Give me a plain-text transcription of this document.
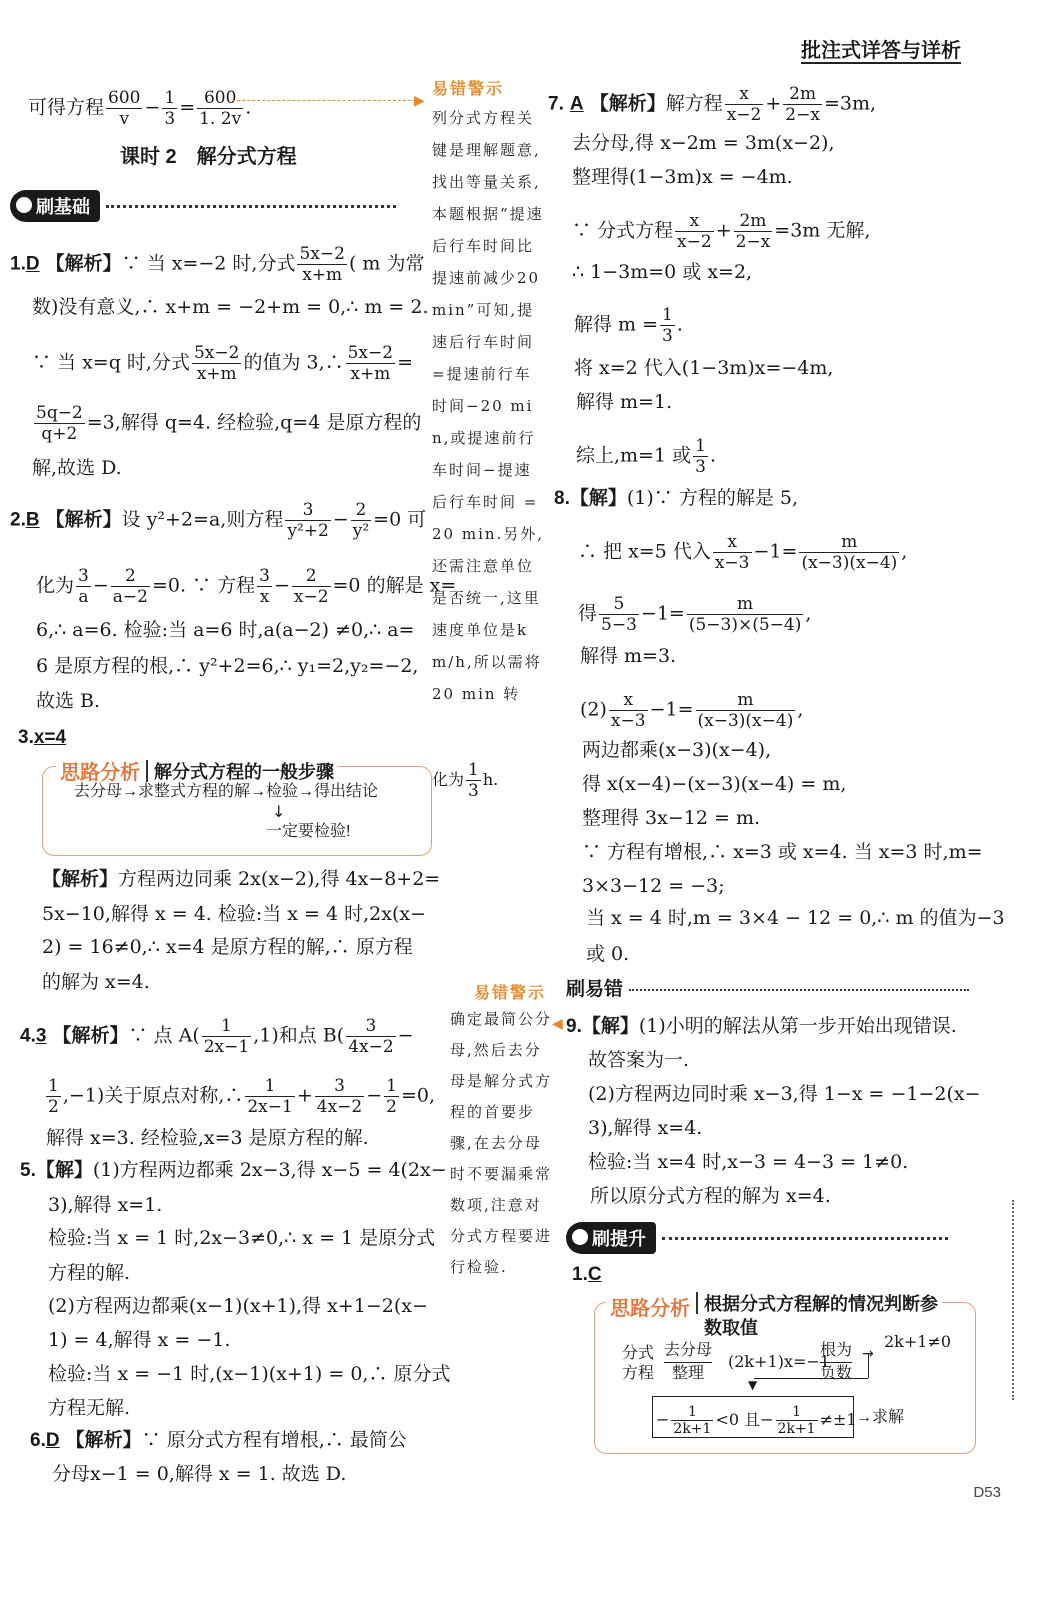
批注式详答与详析
可得方程 $\frac{600}{v} - \frac{1}{3} = \frac{600}{1. 2v}$ .	▶
课时 2　解分式方程
刷基础
易错警示
列分式方程关键是理解题意,找出等量关系,本题根据“提速后行车时间比提速前减少20 min”可知,提速后行车时间=提速前行车时间−20 min,或提速前行车时间−提速后行车时间 = 20 min.另外,还需注意单位是否统一,这里速度单位是km/h,所以需将 20 min 转
化为 $\frac{1}{3} h$.
1.D 【解析】∵ 当 x=−2 时,分式 $\frac{5x-2}{x+m}$ ( m 为常
数)没有意义,∴ x+m = −2+m = 0,∴ m = 2.
∵ 当 x=q 时,分式 $\frac{5x-2}{x+m}$ 的值为 3,∴ $\frac{5x-2}{x+m}$ =
$\frac{5q-2}{q+2} =3$,解得 q=4. 经检验,q=4 是原方程的
解,故选 D.
2.B 【解析】设 y²+2=a,则方程 $\frac{3}{\text{y²+2}} - \frac{2}{\text{y²}} =0$ 可
化为 $\frac{3}{a} - \frac{2}{a-2} =0$. ∵ 方程 $\frac{3}{x} - \frac{2}{x-2} =0$ 的解是 x=
6,∴ a=6. 检验:当 a=6 时,a(a−2) ≠0,∴ a=
6 是原方程的根,∴ y²+2=6,∴ y₁=2,y₂=−2,
故选 B.
3.x=4
思路分析 解分式方程的一般步骤
去分母→求整式方程的解→检验→得出结论
↓
一定要检验!
【解析】方程两边同乘 2x(x−2),得 4x−8+2=
5x−10,解得 x = 4. 检验:当 x = 4 时,2x(x−
2) = 16≠0,∴ x=4 是原方程的解,∴ 原方程
的解为 x=4.
易错警示
确定最简公分母,然后去分母是解分式方程的首要步骤,在去分母时不要漏乘常数项,注意对分式方程要进行检验.
4.3 【解析】∵ 点 $A( \frac{1}{2x-1} ,1)$和点 $B( \frac{3}{4x-2}$ −
$\frac{1}{2} ,-1$)关于原点对称,∴ $\frac{1}{2x-1} + \frac{3}{4x-2} - \frac{1}{2} =0$,
解得 x=3. 经检验,x=3 是原方程的解.
5.【解】(1)方程两边都乘 2x−3,得 x−5 = 4(2x−
3),解得 x=1.
检验:当 x = 1 时,2x−3≠0,∴ x = 1 是原分式
方程的解.
(2)方程两边都乘(x−1)(x+1),得 x+1−2(x−
1) = 4,解得 x = −1.
检验:当 x = −1 时,(x−1)(x+1) = 0,∴ 原分式
方程无解.
6.D 【解析】∵ 原分式方程有增根,∴ 最简公
分母x−1 = 0,解得 x = 1. 故选 D.
7. A 【解析】解方程 $\frac{x}{x-2} + \frac{2m}{2-x} =3m$,
去分母,得 x−2m = 3m(x−2),
整理得(1−3m)x = −4m.
∵ 分式方程 $\frac{x}{x-2} + \frac{2m}{2-x} =3m$ 无解,
∴ 1−3m=0 或 x=2,
解得 $m = \frac{1}{3}$ .
将 x=2 代入(1−3m)x=−4m,
解得 m=1.
综上,m=1 或 $\frac{1}{3}$ .
8.【解】(1)∵ 方程的解是 5,
∴ 把 x=5 代入 $\frac{x}{x-3} -1= \frac{m}{(x-3)(x-4)}$ ,
得 $\frac{5}{5-3} -1= \frac{m}{(5-3)\times(5-4)}$ ,
解得 m=3.
$(2) \frac{x}{x-3} -1= \frac{m}{(x-3)(x-4)}$ ,
两边都乘(x−3)(x−4),
得 x(x−4)−(x−3)(x−4) = m,
整理得 3x−12 = m.
∵ 方程有增根,∴ x=3 或 x=4. 当 x=3 时,m=
3×3−12 = −3;
当 x = 4 时,m = 3×4 − 12 = 0,∴ m 的值为−3
或 0.
刷易错
◀ 9.【解】(1)小明的解法从第一步开始出现错误.
故答案为一.
(2)方程两边同时乘 x−3,得 1−x = −1−2(x−
3),解得 x=4.
检验:当 x=4 时,x−3 = 4−3 = 1≠0.
所以原分式方程的解为 x=4.
刷提升
1.C
思路分析 根据分式方程解的情况判断参
数取值
分式
方程
去分母
整理
(2k+1)x=−1
根为
负数
→
2k+1≠0
▼
− $\frac{1}{2k+1} <0$ 且− $\frac{1}{2k+1} \ne\pm 1$ →求解
D53
